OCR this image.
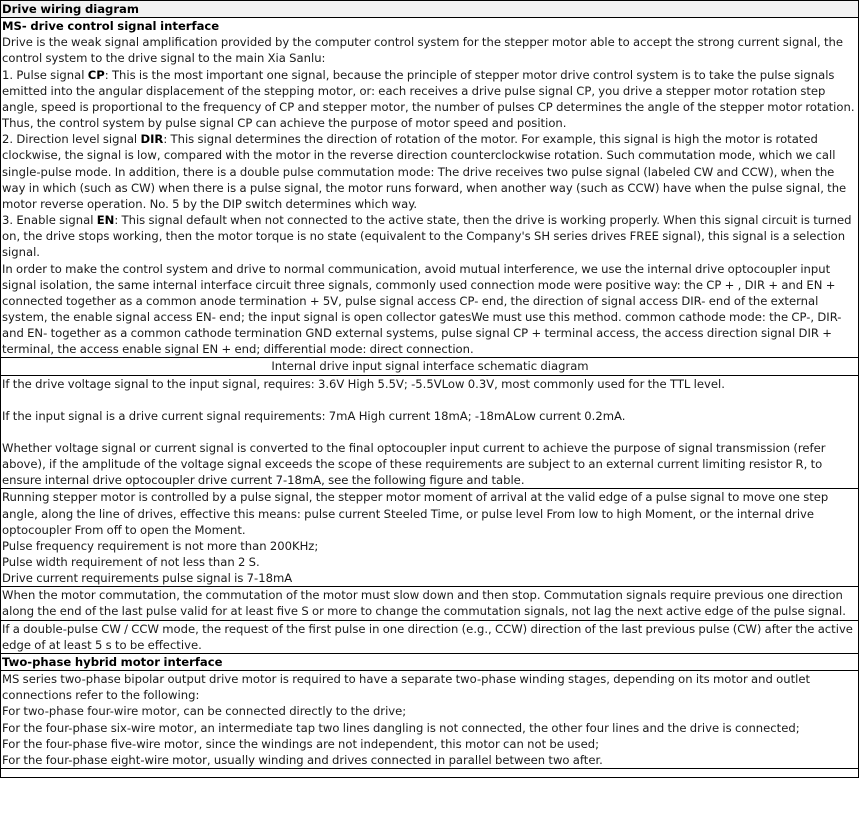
Drive wiring diagram

MS- drive control signal interface
Drive is the weak signal amplification provided by the computer control system for the stepper motor able to accept the strong current signal, the control system to the drive signal to the main Xia Sanlu:
1. Pulse signal CP: This is the most important one signal, because the principle of stepper motor drive control system is to take the pulse signals emitted into the angular displacement of the stepping motor, or: each receives a drive pulse signal CP, you drive a stepper motor rotation step angle, speed is proportional to the frequency of CP and stepper motor, the number of pulses CP determines the angle of the stepper motor rotation. Thus, the control system by pulse signal CP can achieve the purpose of motor speed and position.
2. Direction level signal DIR: This signal determines the direction of rotation of the motor. For example, this signal is high the motor is rotated clockwise, the signal is low, compared with the motor in the reverse direction counterclockwise rotation. Such commutation mode, which we call single-pulse mode. In addition, there is a double pulse commutation mode: The drive receives two pulse signal (labeled CW and CCW), when the way in which (such as CW) when there is a pulse signal, the motor runs forward, when another way (such as CCW) have when the pulse signal, the motor reverse operation. No. 5 by the DIP switch determines which way.
3. Enable signal EN: This signal default when not connected to the active state, then the drive is working properly. When this signal circuit is turned on, the drive stops working, then the motor torque is no state (equivalent to the Company's SH series drives FREE signal), this signal is a selection signal.
In order to make the control system and drive to normal communication, avoid mutual interference, we use the internal drive optocoupler input signal isolation, the same internal interface circuit three signals, commonly used connection mode were positive way: the CP + , DIR + and EN + connected together as a common anode termination + 5V, pulse signal access CP- end, the direction of signal access DIR- end of the external system, the enable signal access EN- end; the input signal is open collector gatesWe must use this method. common cathode mode: the CP-, DIR- and EN- together as a common cathode termination GND external systems, pulse signal CP + terminal access, the access direction signal DIR + terminal, the access enable signal EN + end; differential mode: direct connection.

Internal drive input signal interface schematic diagram

If the drive voltage signal to the input signal, requires: 3.6V High 5.5V; -5.5VLow 0.3V, most commonly used for the TTL level.
If the input signal is a drive current signal requirements: 7mA High current 18mA; -18mALow current 0.2mA.
Whether voltage signal or current signal is converted to the final optocoupler input current to achieve the purpose of signal transmission (refer above), if the amplitude of the voltage signal exceeds the scope of these requirements are subject to an external current limiting resistor R, to ensure internal drive optocoupler drive current 7-18mA, see the following figure and table.

Running stepper motor is controlled by a pulse signal, the stepper motor moment of arrival at the valid edge of a pulse signal to move one step angle, along the line of drives, effective this means: pulse current Steeled Time, or pulse level From low to high Moment, or the internal drive optocoupler From off to open the Moment.
Pulse frequency requirement is not more than 200KHz;
Pulse width requirement of not less than 2 S.
Drive current requirements pulse signal is 7-18mA

When the motor commutation, the commutation of the motor must slow down and then stop. Commutation signals require previous one direction along the end of the last pulse valid for at least five S or more to change the commutation signals, not lag the next active edge of the pulse signal.
If a double-pulse CW / CCW mode, the request of the first pulse in one direction (e.g., CCW) direction of the last previous pulse (CW) after the active edge of at least 5 s to be effective.
Two-phase hybrid motor interface

MS series two-phase bipolar output drive motor is required to have a separate two-phase winding stages, depending on its motor and outlet connections refer to the following:
For two-phase four-wire motor, can be connected directly to the drive;
For the four-phase six-wire motor, an intermediate tap two lines dangling is not connected, the other four lines and the drive is connected;
For the four-phase five-wire motor, since the windings are not independent, this motor can not be used;
For the four-phase eight-wire motor, usually winding and drives connected in parallel between two after.
